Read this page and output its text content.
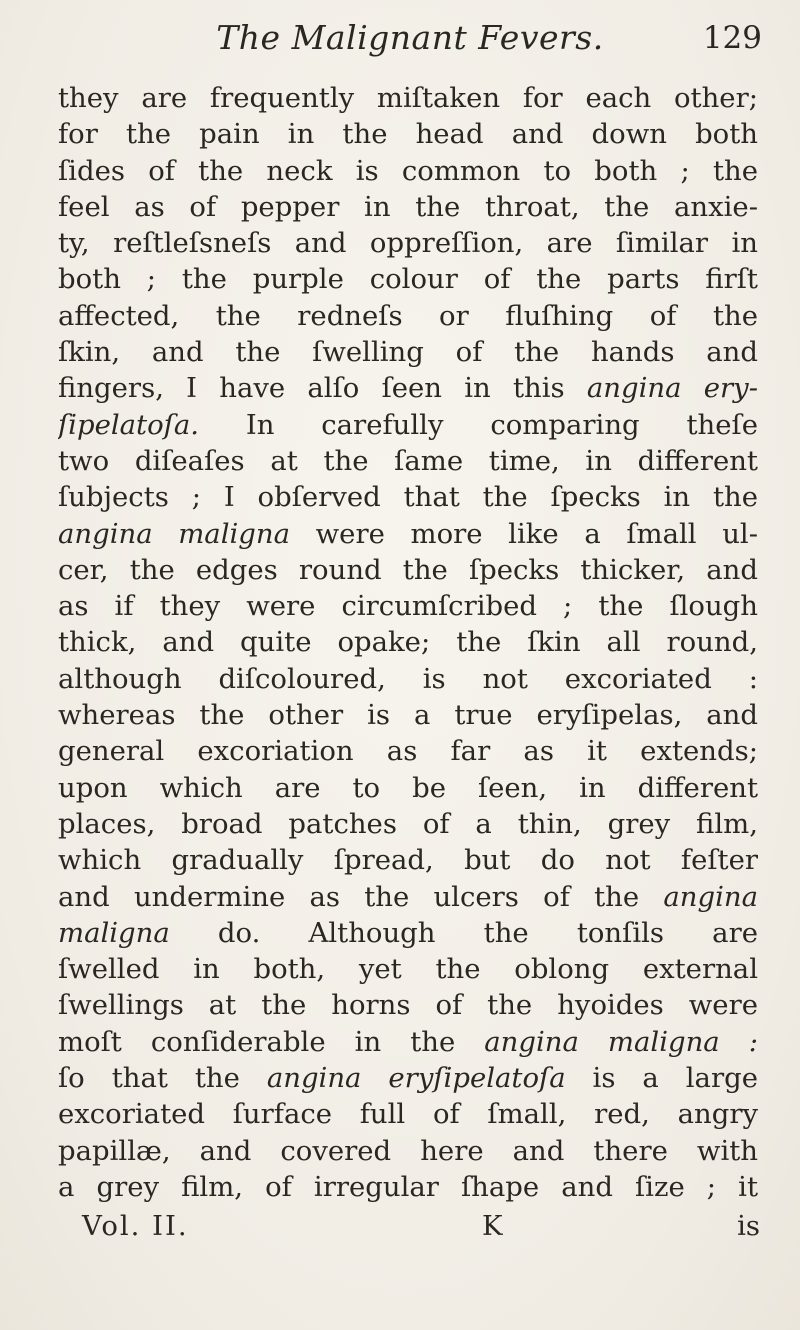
The Malignant Fevers.	129
they are frequently miſtaken for each other;
for the pain in the head and down both
ſides of the neck is common to both ; the
feel as of pepper in the throat, the anxie-
ty, reſtleſsneſs and oppreſſion, are ſimilar in
both ; the purple colour of the parts firſt
affected, the redneſs or fluſhing of the
ſkin, and the ſwelling of the hands and
fingers, I have alſo ſeen in this angina ery-
ſipelatoſa. In carefully comparing theſe
two diſeaſes at the ſame time, in different
ſubjects ; I obſerved that the ſpecks in the
angina maligna were more like a ſmall ul-
cer, the edges round the ſpecks thicker, and
as if they were circumſcribed ; the ſlough
thick, and quite opake; the ſkin all round,
although diſcoloured, is not excoriated :
whereas the other is a true eryſipelas, and
general excoriation as far as it extends;
upon which are to be ſeen, in different
places, broad patches of a thin, grey film,
which gradually ſpread, but do not feſter
and undermine as the ulcers of the angina
maligna do. Although the tonſils are
ſwelled in both, yet the oblong external
ſwellings at the horns of the hyoides were
moſt conſiderable in the angina maligna :
ſo that the angina eryſipelatoſa is a large
excoriated ſurface full of ſmall, red, angry
papillæ, and covered here and there with
a grey film, of irregular ſhape and ſize ; it
Vol. II.	K	is
